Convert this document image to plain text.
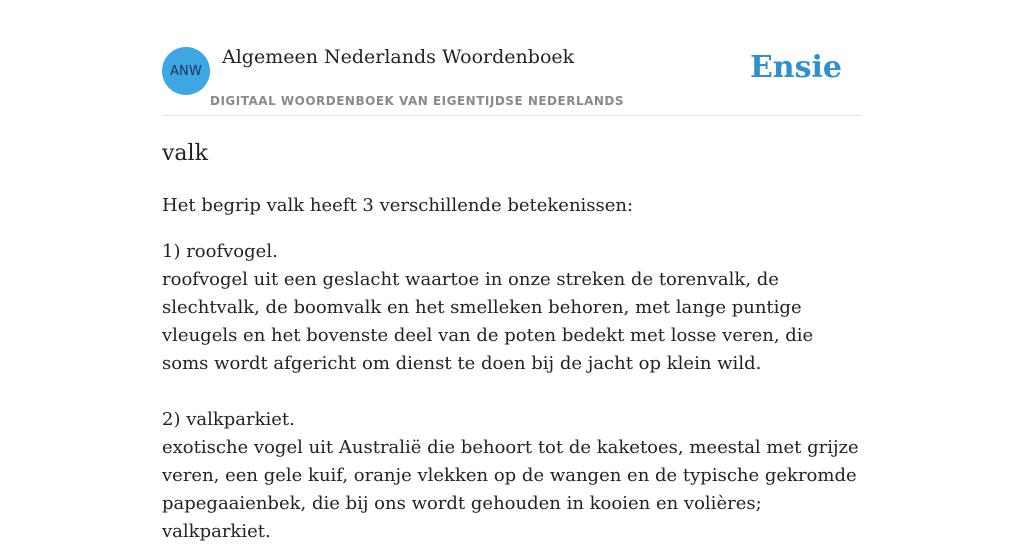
ANW
Algemeen Nederlands Woordenboek
DIGITAAL WOORDENBOEK VAN EIGENTIJDSE NEDERLANDS
Ensie
valk

Het begrip valk heeft 3 verschillende betekenissen:

1) roofvogel.
roofvogel uit een geslacht waartoe in onze streken de torenvalk, de slechtvalk, de boomvalk en het smelleken behoren, met lange puntige vleugels en het bovenste deel van de poten bedekt met losse veren, die soms wordt afgericht om dienst te doen bij de jacht op klein wild.
2) valkparkiet.
exotische vogel uit Australië die behoort tot de kaketoes, meestal met grijze veren, een gele kuif, oranje vlekken op de wangen en de typische gekromde papegaaienbek, die bij ons wordt gehouden in kooien en volières; valkparkiet.
